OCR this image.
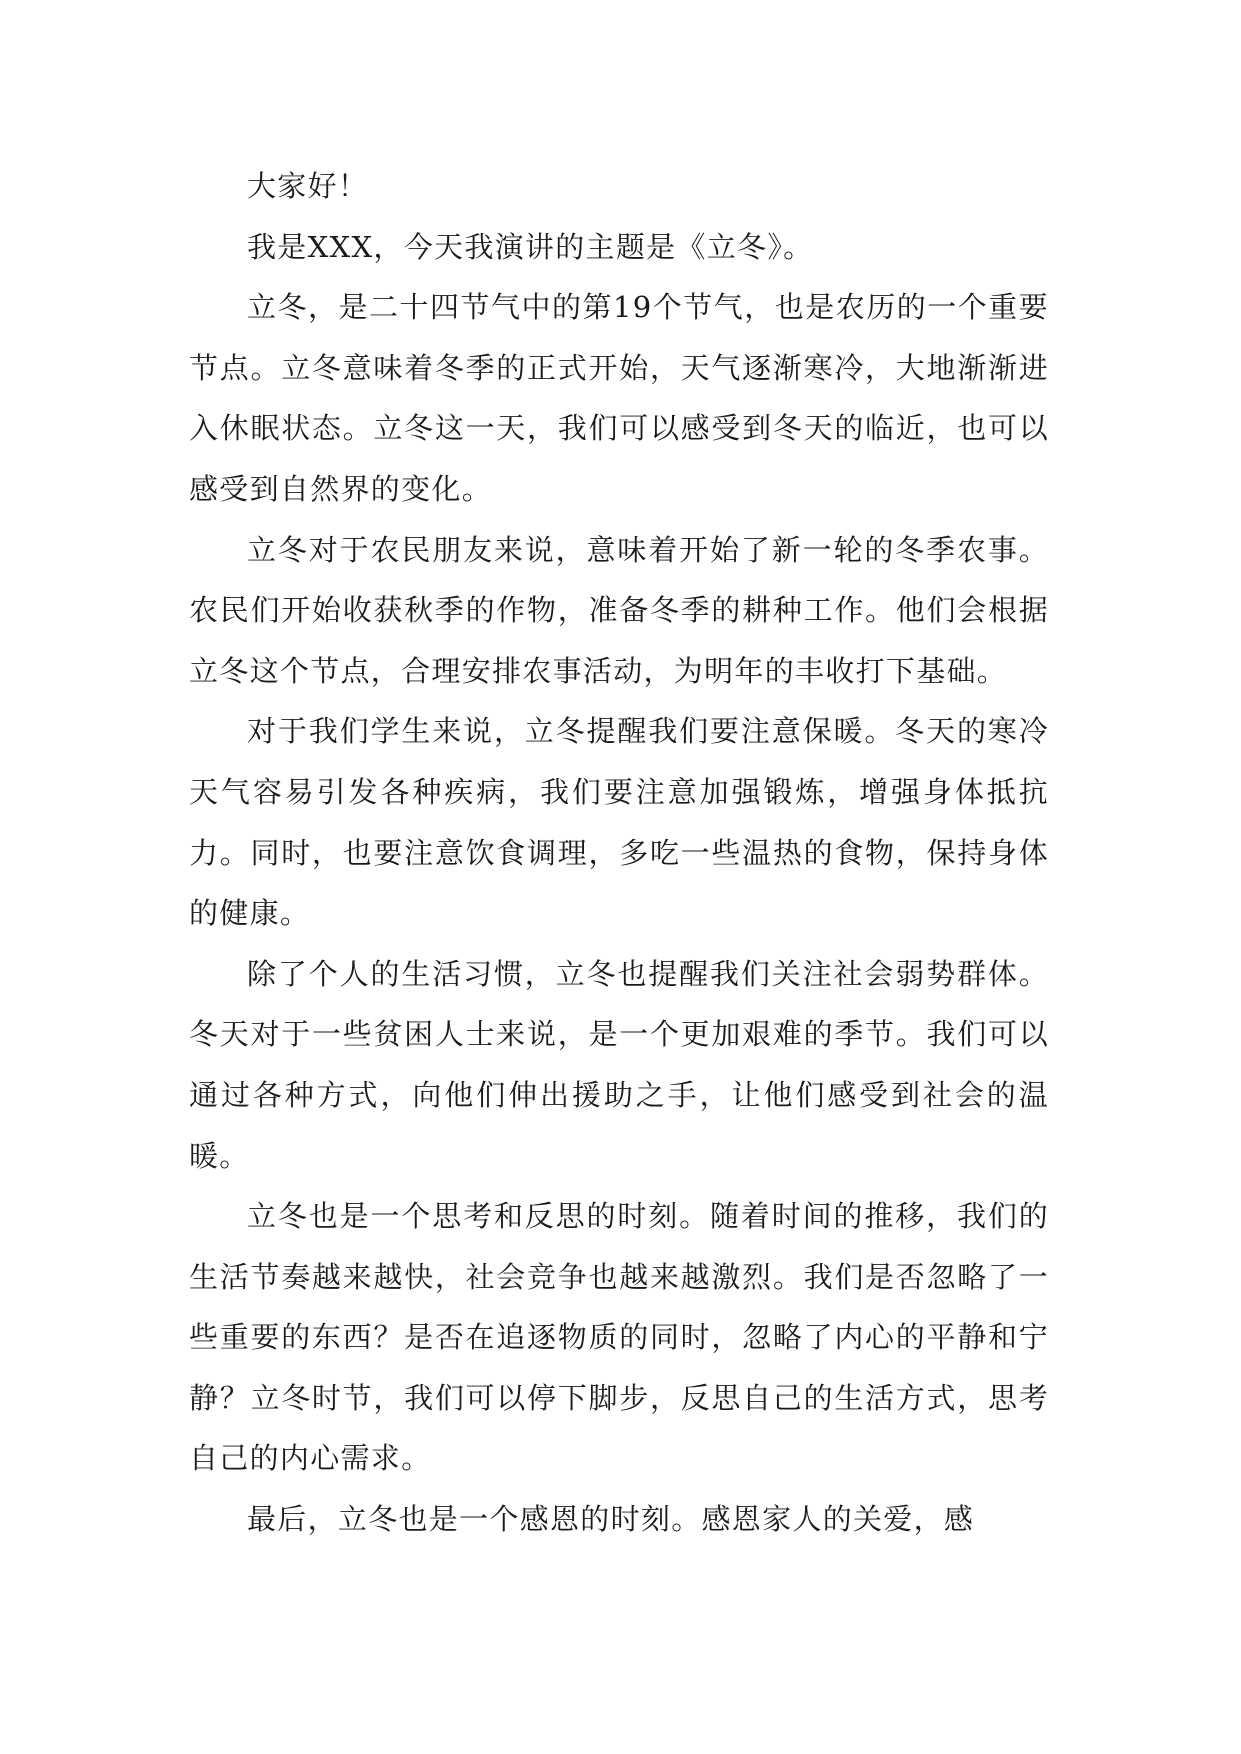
大家好！

我是XXX，今天我演讲的主题是《立冬》。

立冬，是二十四节气中的第19个节气，也是农历的一个重要节点。立冬意味着冬季的正式开始，天气逐渐寒冷，大地渐渐进入休眠状态。立冬这一天，我们可以感受到冬天的临近，也可以感受到自然界的变化。

立冬对于农民朋友来说，意味着开始了新一轮的冬季农事。农民们开始收获秋季的作物，准备冬季的耕种工作。他们会根据立冬这个节点，合理安排农事活动，为明年的丰收打下基础。

对于我们学生来说，立冬提醒我们要注意保暖。冬天的寒冷天气容易引发各种疾病，我们要注意加强锻炼，增强身体抵抗力。同时，也要注意饮食调理，多吃一些温热的食物，保持身体的健康。

除了个人的生活习惯，立冬也提醒我们关注社会弱势群体。冬天对于一些贫困人士来说，是一个更加艰难的季节。我们可以通过各种方式，向他们伸出援助之手，让他们感受到社会的温暖。

立冬也是一个思考和反思的时刻。随着时间的推移，我们的生活节奏越来越快，社会竞争也越来越激烈。我们是否忽略了一些重要的东西？是否在追逐物质的同时，忽略了内心的平静和宁静？立冬时节，我们可以停下脚步，反思自己的生活方式，思考自己的内心需求。

最后，立冬也是一个感恩的时刻。感恩家人的关爱，感
